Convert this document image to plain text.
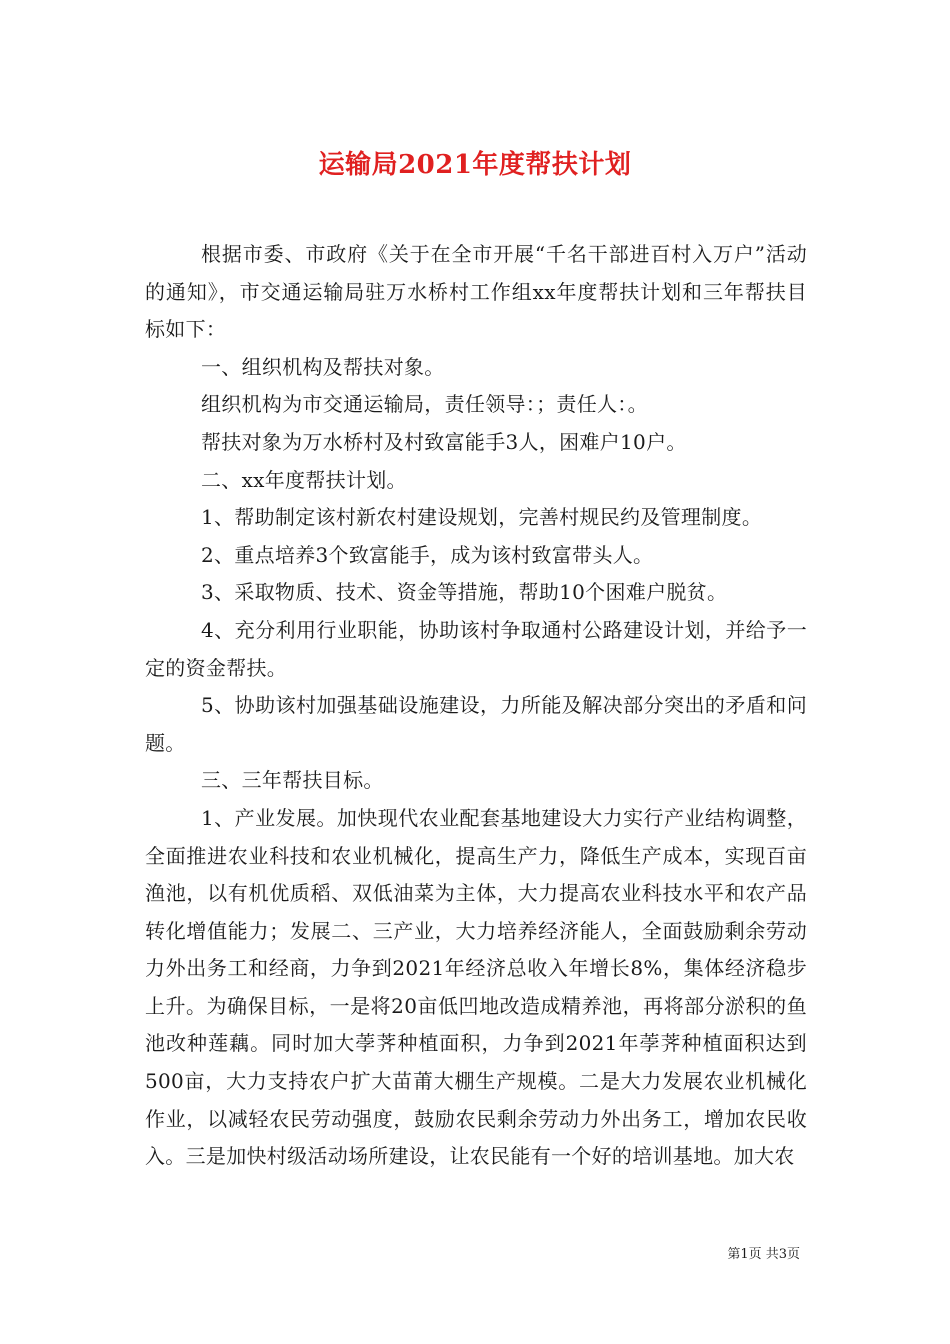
运输局2021年度帮扶计划

根据市委、市政府《关于在全市开展“千名干部进百村入万户”活动的通知》，市交通运输局驻万水桥村工作组xx年度帮扶计划和三年帮扶目标如下：

一、组织机构及帮扶对象。

组织机构为市交通运输局，责任领导：；责任人：。

帮扶对象为万水桥村及村致富能手3人，困难户10户。

二、xx年度帮扶计划。

1、帮助制定该村新农村建设规划，完善村规民约及管理制度。

2、重点培养3个致富能手，成为该村致富带头人。

3、采取物质、技术、资金等措施，帮助10个困难户脱贫。

4、充分利用行业职能，协助该村争取通村公路建设计划，并给予一定的资金帮扶。

5、协助该村加强基础设施建设，力所能及解决部分突出的矛盾和问题。

三、三年帮扶目标。

1、产业发展。加快现代农业配套基地建设大力实行产业结构调整，全面推进农业科技和农业机械化，提高生产力，降低生产成本，实现百亩渔池，以有机优质稻、双低油菜为主体，大力提高农业科技水平和农产品转化增值能力；发展二、三产业，大力培养经济能人，全面鼓励剩余劳动力外出务工和经商，力争到2021年经济总收入年增长8%，集体经济稳步上升。为确保目标，一是将20亩低凹地改造成精养池，再将部分淤积的鱼池改种莲藕。同时加大荸荠种植面积，力争到2021年荸荠种植面积达到500亩，大力支持农户扩大苗莆大棚生产规模。二是大力发展农业机械化作业，以减轻农民劳动强度，鼓励农民剩余劳动力外出务工，增加农民收入。三是加快村级活动场所建设，让农民能有一个好的培训基地。加大农

第1页 共3页
